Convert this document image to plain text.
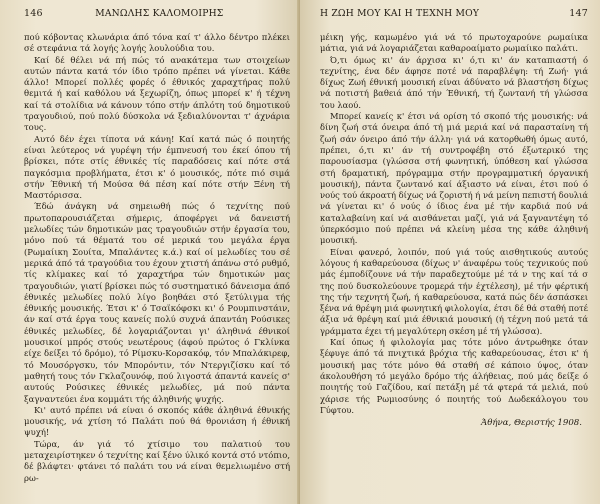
146	ΜΑΝΩΛΗΣ ΚΑΛΟΜΟΙΡΗΣ

πού κόβοντας κλωνάρια άπό τόνα καί τ' άλλο δέντρο πλέκει σέ στεφάνια τά λογής λογής λουλούδια του.

Καί δέ θέλει νά πή πώς τό ανακάτεμα των στοιχείων αυτών πάντα κατά τόν ίδιο τρόπο πρέπει νά γίνεται. Κάθε άλλο! Μπορεί πολλές φορές ό έθνικός χαραχτήρας πολύ θεμιτά ή καί καθόλου νά ξεχωρίζη, όπως μπορεί κ' ή τέχνη καί τά στολίδια νά κάνουν τόπο στήν άπλότη τού δημοτικού τραγουδιού, πού πολύ δύσκολα νά ξεδιαλύνονται τ' άχνάρια τους.

Αυτό δέν έχει τίποτα νά κάνη! Καί κατά πώς ό ποιητής είναι λεύτερος νά γυρέψη τήν έμπνευσή του έκεί όπου τή βρίσκει, πότε στίς έθνικές τίς παραδόσεις καί πότε στά παγκόσμια προβλήματα, έτσι κ' ό μουσικός, πότε πιό σιμά στήν Έθνική τή Μούσα θά πέση καί πότε στήν Ξένη τή Μαστόρισσα.

Έδώ άνάγκη νά σημειωθή πώς ό τεχνίτης πού πρωτοπαρουσιάζεται σήμερις, άποφέργει νά δανειστή μελωδίες τών δημοτικών μας τραγουδιών στήν έργασία του, μόνο πού τά θέματά του σέ μερικά του μεγάλα έργα (Ρωμαίικη Σουίτα, Μπαλάντες κ.ά.) καί οί μελωδίες του σέ μερικά άπό τά τραγούδια του έχουν χτιστή άπάνω στό ρυθμό, τίς κλίμακες καί τό χαραχτήρα τών δημοτικών μας τραγουδιών, γιατί βρίσκει πώς τό συστηματικό δάνεισμα άπό έθνικές μελωδίες πολύ λίγο βοηθάει στό ξετύλιγμα τής έθνικής μουσικής. Έτσι κ' ό Τσαϊκόφσκι κι' ό Ρουμπινστάιν, άν καί στά έργα τους κανείς πολύ συχνά άπαντάη Ρούσικες έθνικές μελωδίες, δέ λογαριάζονται γι' άληθινά έθνικοί μουσικοί μπρός στούς νεωτέρους (άφού πρώτος ό Γκλίνκα είχε δείξει τό δρόμο), τό Ρίμσκυ-Κορσακόφ, τόν Μπαλάκιρεφ, τό Μουσόργσκυ, τόν Μπορόντιν, τόν Ντεργιζίσκυ καί τό μαθητή τους τόν Γκλαζουνόφ, πού λιγοστά άπαντά κανείς σ' αυτούς Ρούσικες έθνικές μελωδίες, μά πού πάντα ξαγναντεύει ένα κομμάτι τής άληθινής ψυχής.

Κι' αυτό πρέπει νά είναι ό σκοπός κάθε άληθινά έθνικής μουσικής, νά χτίση τό Παλάτι πού θά θρονιάση ή έθνική ψυχή!

Τώρα, άν γιά τό χτίσιμο του παλατιού του μεταχειρίστηκεν ό τεχνίτης καί ξένο ύλικό κοντά στό ντόπιο, δέ βλάφτει· φτάνει τό παλάτι του νά είναι θεμελιωμένο στή ρω-

Η ΖΩΗ ΜΟΥ ΚΑΙ Η ΤΕΧΝΗ ΜΟΥ	147

μέικη γής, καμωμένο γιά νά τό πρωτοχαρούνε ρωμαίικα μάτια, γιά νά λογαριάζεται καθαροαίματο ρωμαίικο παλάτι.

Ό,τι όμως κι' άν άρχισα κι' ό,τι κι' άν καταπιαστή ό τεχνίτης, ένα δέν άφησε ποτέ νά παραβλέψη: τή Ζωή· γιά δίχως Ζωή έθνική μουσική είναι άδύνατο νά βλαστήση δίχως νά ποτιστή βαθειά άπό τήν Έθνική, τή ζωντανή τή γλώσσα του λαού.

Μπορεί κανείς κ' έτσι νά ορίση τό σκοπό τής μουσικής: νά δίνη ζωή στά όνειρα άπό τή μιά μεριά καί νά παρασταίνη τή ζωή σάν όνειρο άπό τήν άλλη· γιά νά κατορθωθή όμως αυτό, πρέπει, ό,τι κι' άν τή συντροφέβη στό έξωτερικό της παρουσίασμα (γλώσσα στή φωνητική, ύπόθεση καί γλώσσα στή δραματική, πρόγραμμα στήν προγραμματική όργανική μουσική), πάντα ζωντανό καί άξιαστο νά είναι, έτσι πού ό νούς τού άκροατή δίχως νά ζοριστή ή νά μείνη πεπιστή δουλιά νά γίνεται κι' ό νούς ό ίδιος ένα μέ τήν καρδιά πού νά καταλαβαίνη καί νά αισθάνεται μαζί, γιά νά ξαγναντέψη τό ύπερκόσμιο πού πρέπει νά κλείνη μέσα της κάθε άληθινή μουσική.

Είναι φανερό, λοιπόν, πού γιά τούς αισθητικούς αυτούς λόγους ή καθαρεύουσα (δίχως ν' άναφέρω τούς τεχνικούς πού μάς έμποδίζουνε νά τήν παραδεχτούμε μέ τά ν της καί τά σ της πού δυσκολεύουνε τρομερά τήν έχτέλεση), μέ τήν φέρτική της τήν τεχνητή ζωή, ή καθαρεύουσα, κατά πώς δέν άσπάσκει ξένα νά θρέψη μιά φωνητική φιλολογία, έτσι δέ θά σταθή ποτέ άξια νά θρέψη καί μιά έθνικιά μουσική (ή τέχνη πού μετά τά γράμματα έχει τή μεγαλύτερη σκέση μέ τή γλώσσα).

Καί όπως ή φιλολογία μας τότε μόνο άντρωθηκε όταν ξέφυγε άπό τά πνιχτικά βρόχια τής καθαρεύουσας, έτσι κ' ή μουσική μας τότε μόνο θά σταθή σέ κάποιο ύψος, όταν άκολουθήση τό μεγάλο δρόμο τής άλήθειας, πού μάς δείξε ό ποιητής τού Γαζίδου, καί πετάξη μέ τά φτερά τά μελιά, πού χάρισε τής Ρωμιοσύνης ό ποιητής τού Δωδεκάλογου του Γύφτου.

Άθήνα, Θεριστής 1908.
